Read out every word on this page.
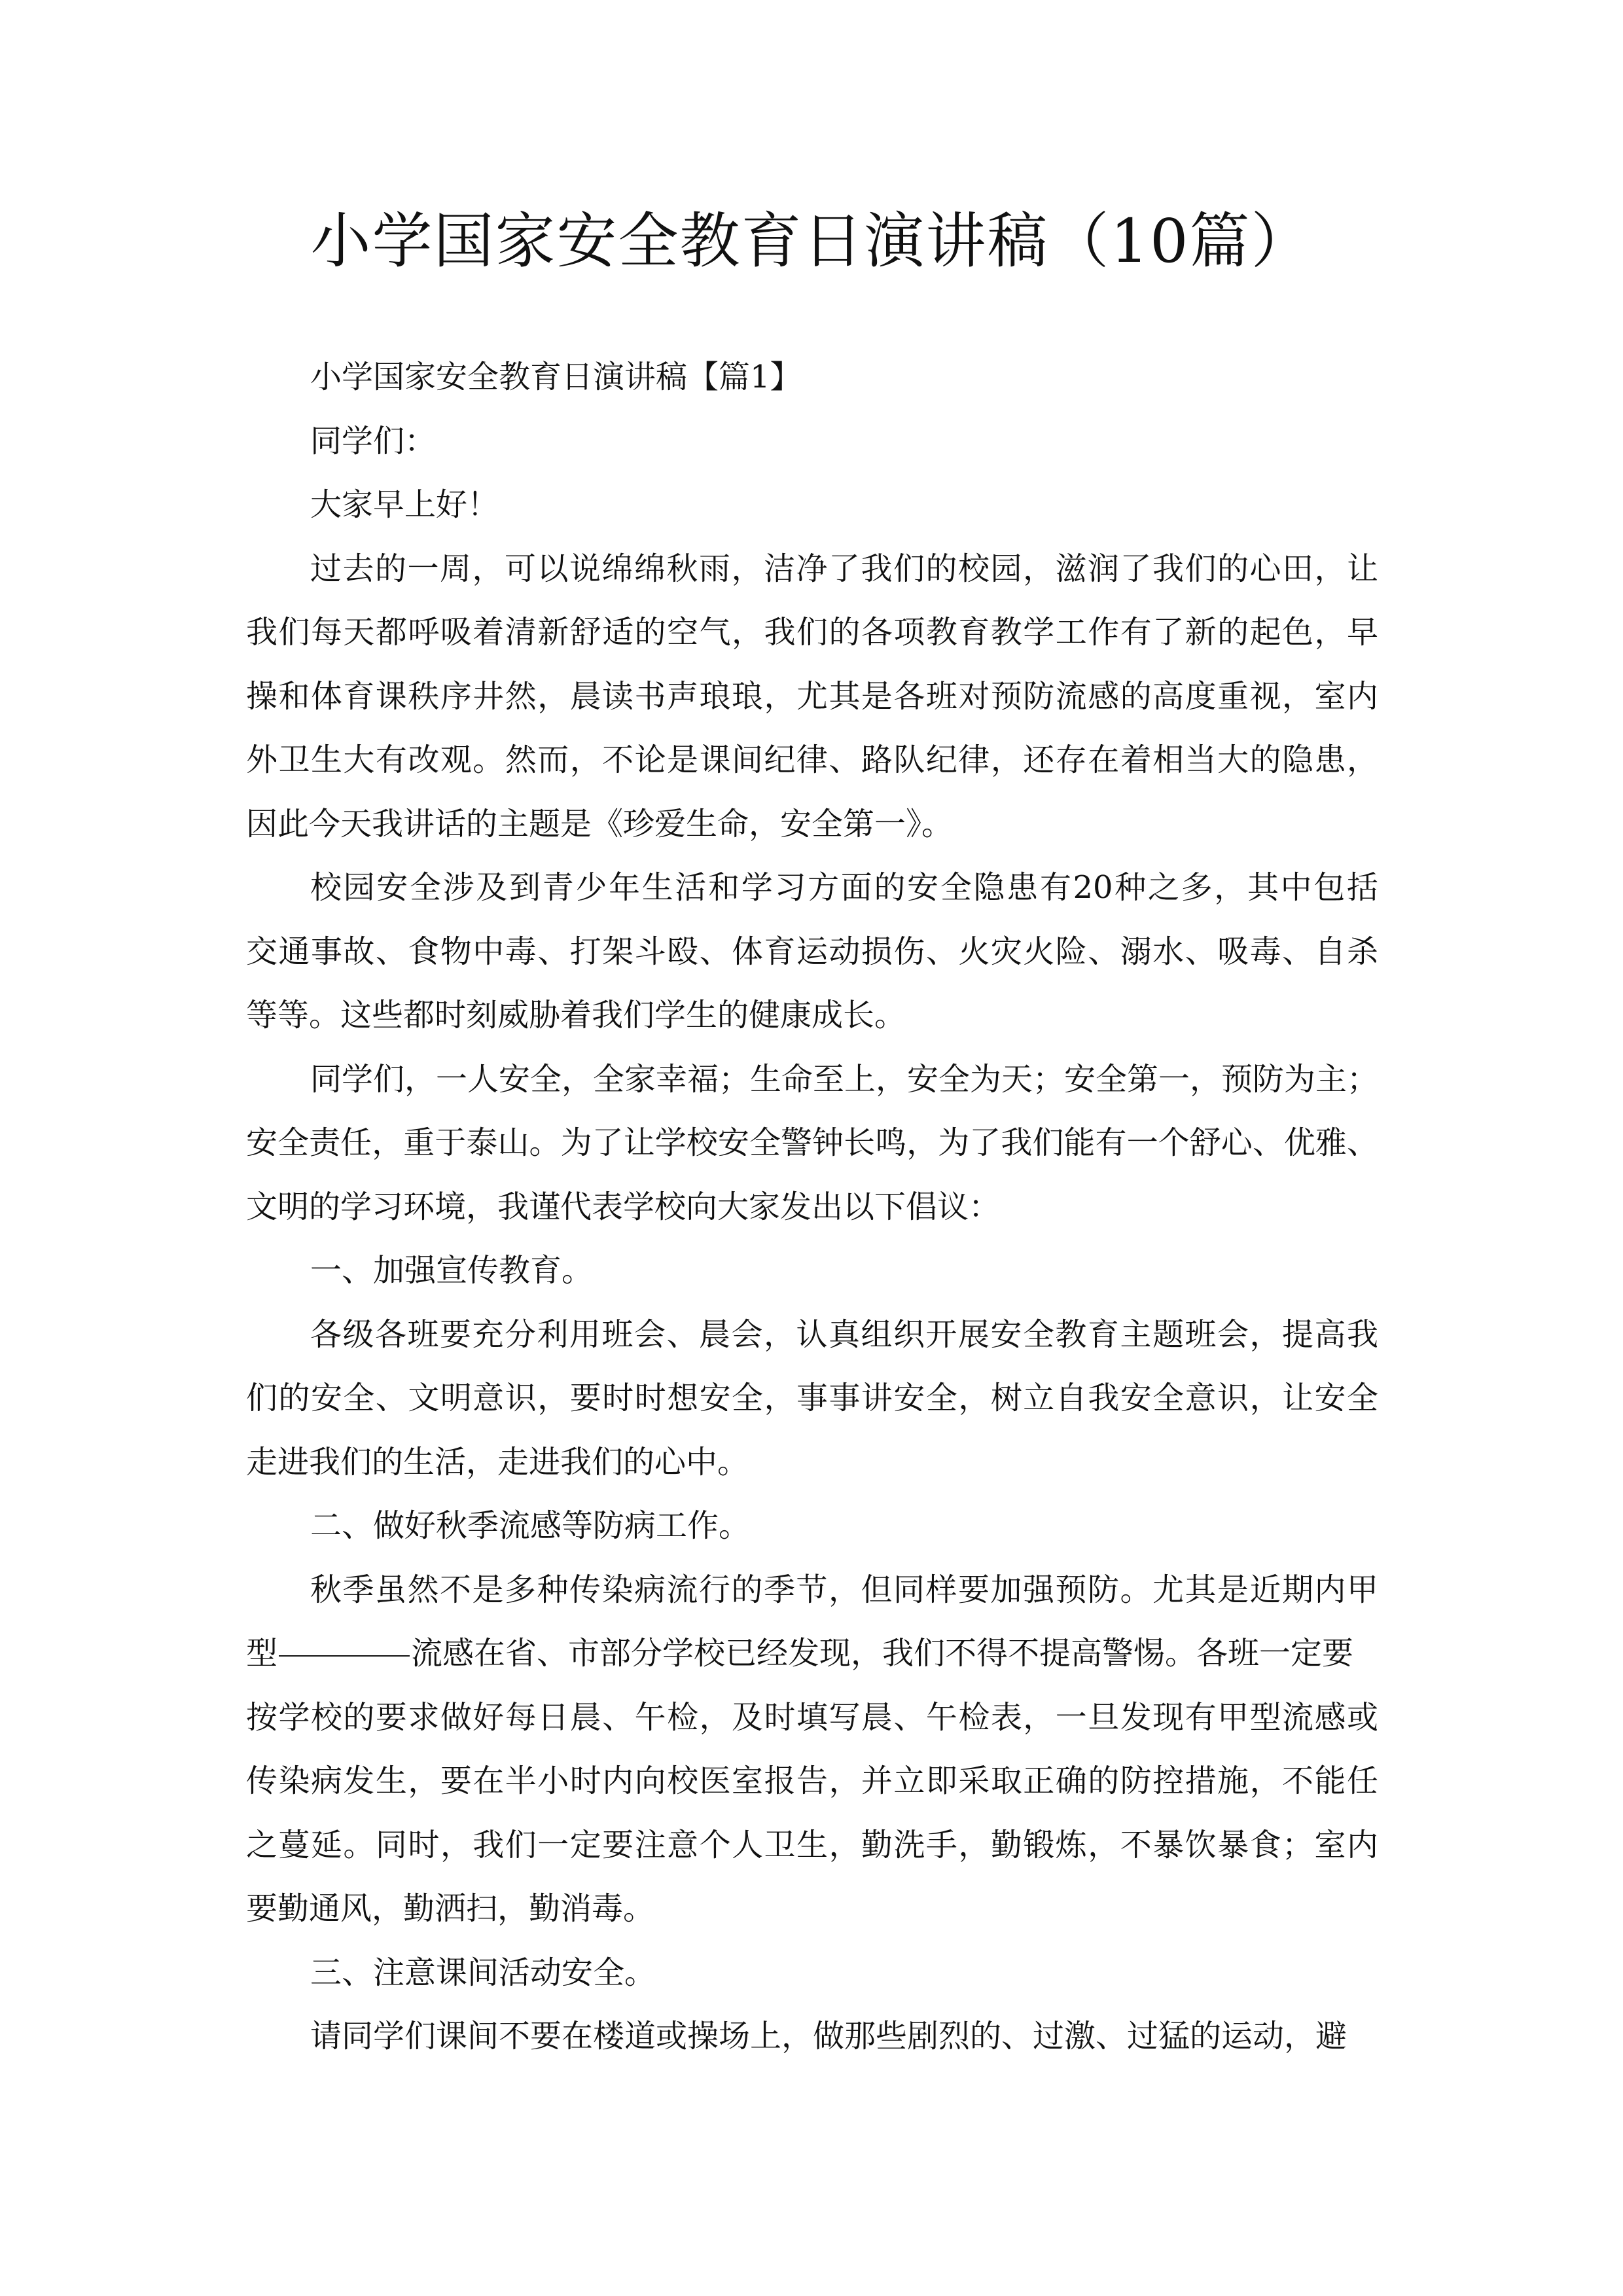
小学国家安全教育日演讲稿（10篇）
小学国家安全教育日演讲稿【篇1】
同学们：
大家早上好！
过去的一周，可以说绵绵秋雨，洁净了我们的校园，滋润了我们的心田，让
我们每天都呼吸着清新舒适的空气，我们的各项教育教学工作有了新的起色，早
操和体育课秩序井然，晨读书声琅琅，尤其是各班对预防流感的高度重视，室内
外卫生大有改观。然而，不论是课间纪律、路队纪律，还存在着相当大的隐患，
因此今天我讲话的主题是《珍爱生命，安全第一》。
校园安全涉及到青少年生活和学习方面的安全隐患有20种之多，其中包括
交通事故、食物中毒、打架斗殴、体育运动损伤、火灾火险、溺水、吸毒、自杀
等等。这些都时刻威胁着我们学生的健康成长。
同学们，一人安全，全家幸福；生命至上，安全为天；安全第一，预防为主；
安全责任，重于泰山。为了让学校安全警钟长鸣，为了我们能有一个舒心、优雅、
文明的学习环境，我谨代表学校向大家发出以下倡议：
一、加强宣传教育。
各级各班要充分利用班会、晨会，认真组织开展安全教育主题班会，提高我
们的安全、文明意识，要时时想安全，事事讲安全，树立自我安全意识，让安全
走进我们的生活，走进我们的心中。
二、做好秋季流感等防病工作。
秋季虽然不是多种传染病流行的季节，但同样要加强预防。尤其是近期内甲
型	流感在省、市部分学校已经发现，我们不得不提高警惕。各班一定要
按学校的要求做好每日晨、午检，及时填写晨、午检表，一旦发现有甲型流感或
传染病发生，要在半小时内向校医室报告，并立即采取正确的防控措施，不能任
之蔓延。同时，我们一定要注意个人卫生，勤洗手，勤锻炼，不暴饮暴食；室内
要勤通风，勤洒扫，勤消毒。
三、注意课间活动安全。
请同学们课间不要在楼道或操场上，做那些剧烈的、过激、过猛的运动，避
